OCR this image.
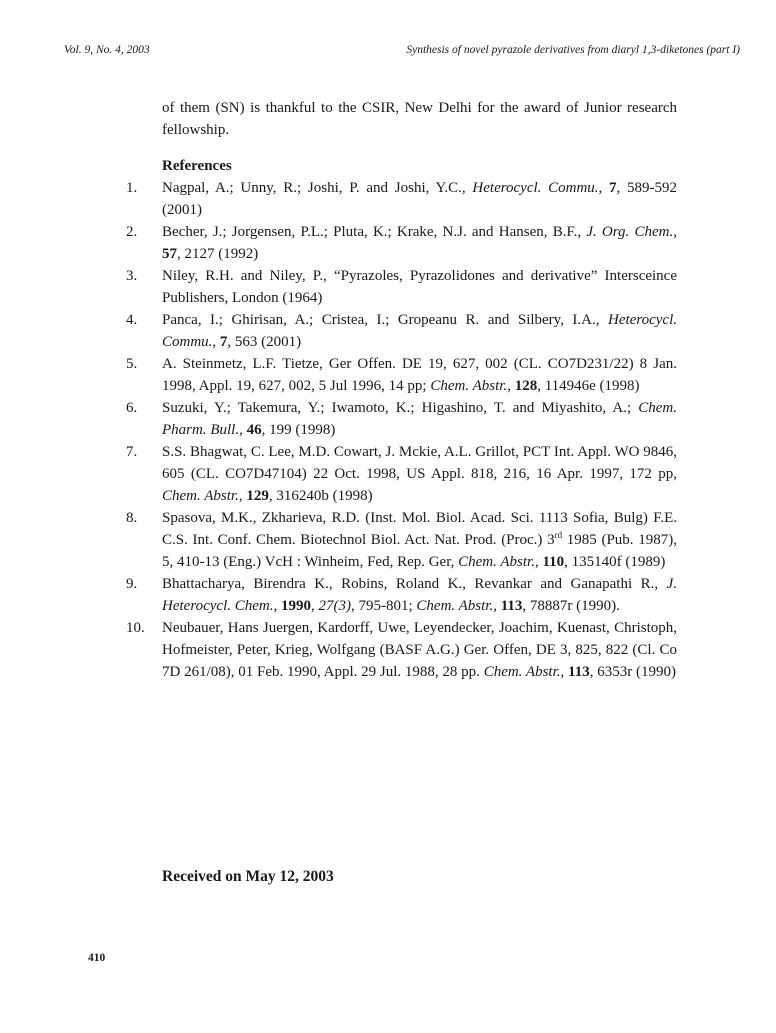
Vol. 9, No. 4, 2003	Synthesis of novel pyrazole derivatives from diaryl 1,3-diketones (part I)

of them (SN) is thankful to the CSIR, New Delhi for the award of Junior research fellowship.

References
1.	Nagpal, A.; Unny, R.; Joshi, P. and Joshi, Y.C., Heterocycl. Commu., 7, 589-592 (2001)
2.	Becher, J.; Jorgensen, P.L.; Pluta, K.; Krake, N.J. and Hansen, B.F., J. Org. Chem., 57, 2127 (1992)
3.	Niley, R.H. and Niley, P., “Pyrazoles, Pyrazolidones and derivative” Intersceince Publishers, London (1964)
4.	Panca, I.; Ghirisan, A.; Cristea, I.; Gropeanu R. and Silbery, I.A., Heterocycl. Commu., 7, 563 (2001)
5.	A. Steinmetz, L.F. Tietze, Ger Offen. DE 19, 627, 002 (CL. CO7D231/22) 8 Jan. 1998, Appl. 19, 627, 002, 5 Jul 1996, 14 pp; Chem. Abstr., 128, 114946e (1998)
6.	Suzuki, Y.; Takemura, Y.; Iwamoto, K.; Higashino, T. and Miyashito, A.; Chem. Pharm. Bull., 46, 199 (1998)
7.	S.S. Bhagwat, C. Lee, M.D. Cowart, J. Mckie, A.L. Grillot, PCT Int. Appl. WO 9846, 605 (CL. CO7D47104) 22 Oct. 1998, US Appl. 818, 216, 16 Apr. 1997, 172 pp, Chem. Abstr., 129, 316240b (1998)
8.	Spasova, M.K., Zkharieva, R.D. (Inst. Mol. Biol. Acad. Sci. 1113 Sofia, Bulg) F.E. C.S. Int. Conf. Chem. Biotechnol Biol. Act. Nat. Prod. (Proc.) 3rd 1985 (Pub. 1987), 5, 410-13 (Eng.) VcH : Winheim, Fed, Rep. Ger, Chem. Abstr., 110, 135140f (1989)
9.	Bhattacharya, Birendra K., Robins, Roland K., Revankar and Ganapathi R., J. Heterocycl. Chem., 1990, 27(3), 795-801; Chem. Abstr., 113, 78887r (1990).
10.	Neubauer, Hans Juergen, Kardorff, Uwe, Leyendecker, Joachim, Kuenast, Christoph, Hofmeister, Peter, Krieg, Wolfgang (BASF A.G.) Ger. Offen, DE 3, 825, 822 (Cl. Co 7D 261/08), 01 Feb. 1990, Appl. 29 Jul. 1988, 28 pp. Chem. Abstr., 113, 6353r (1990)
Received on May 12, 2003
410
